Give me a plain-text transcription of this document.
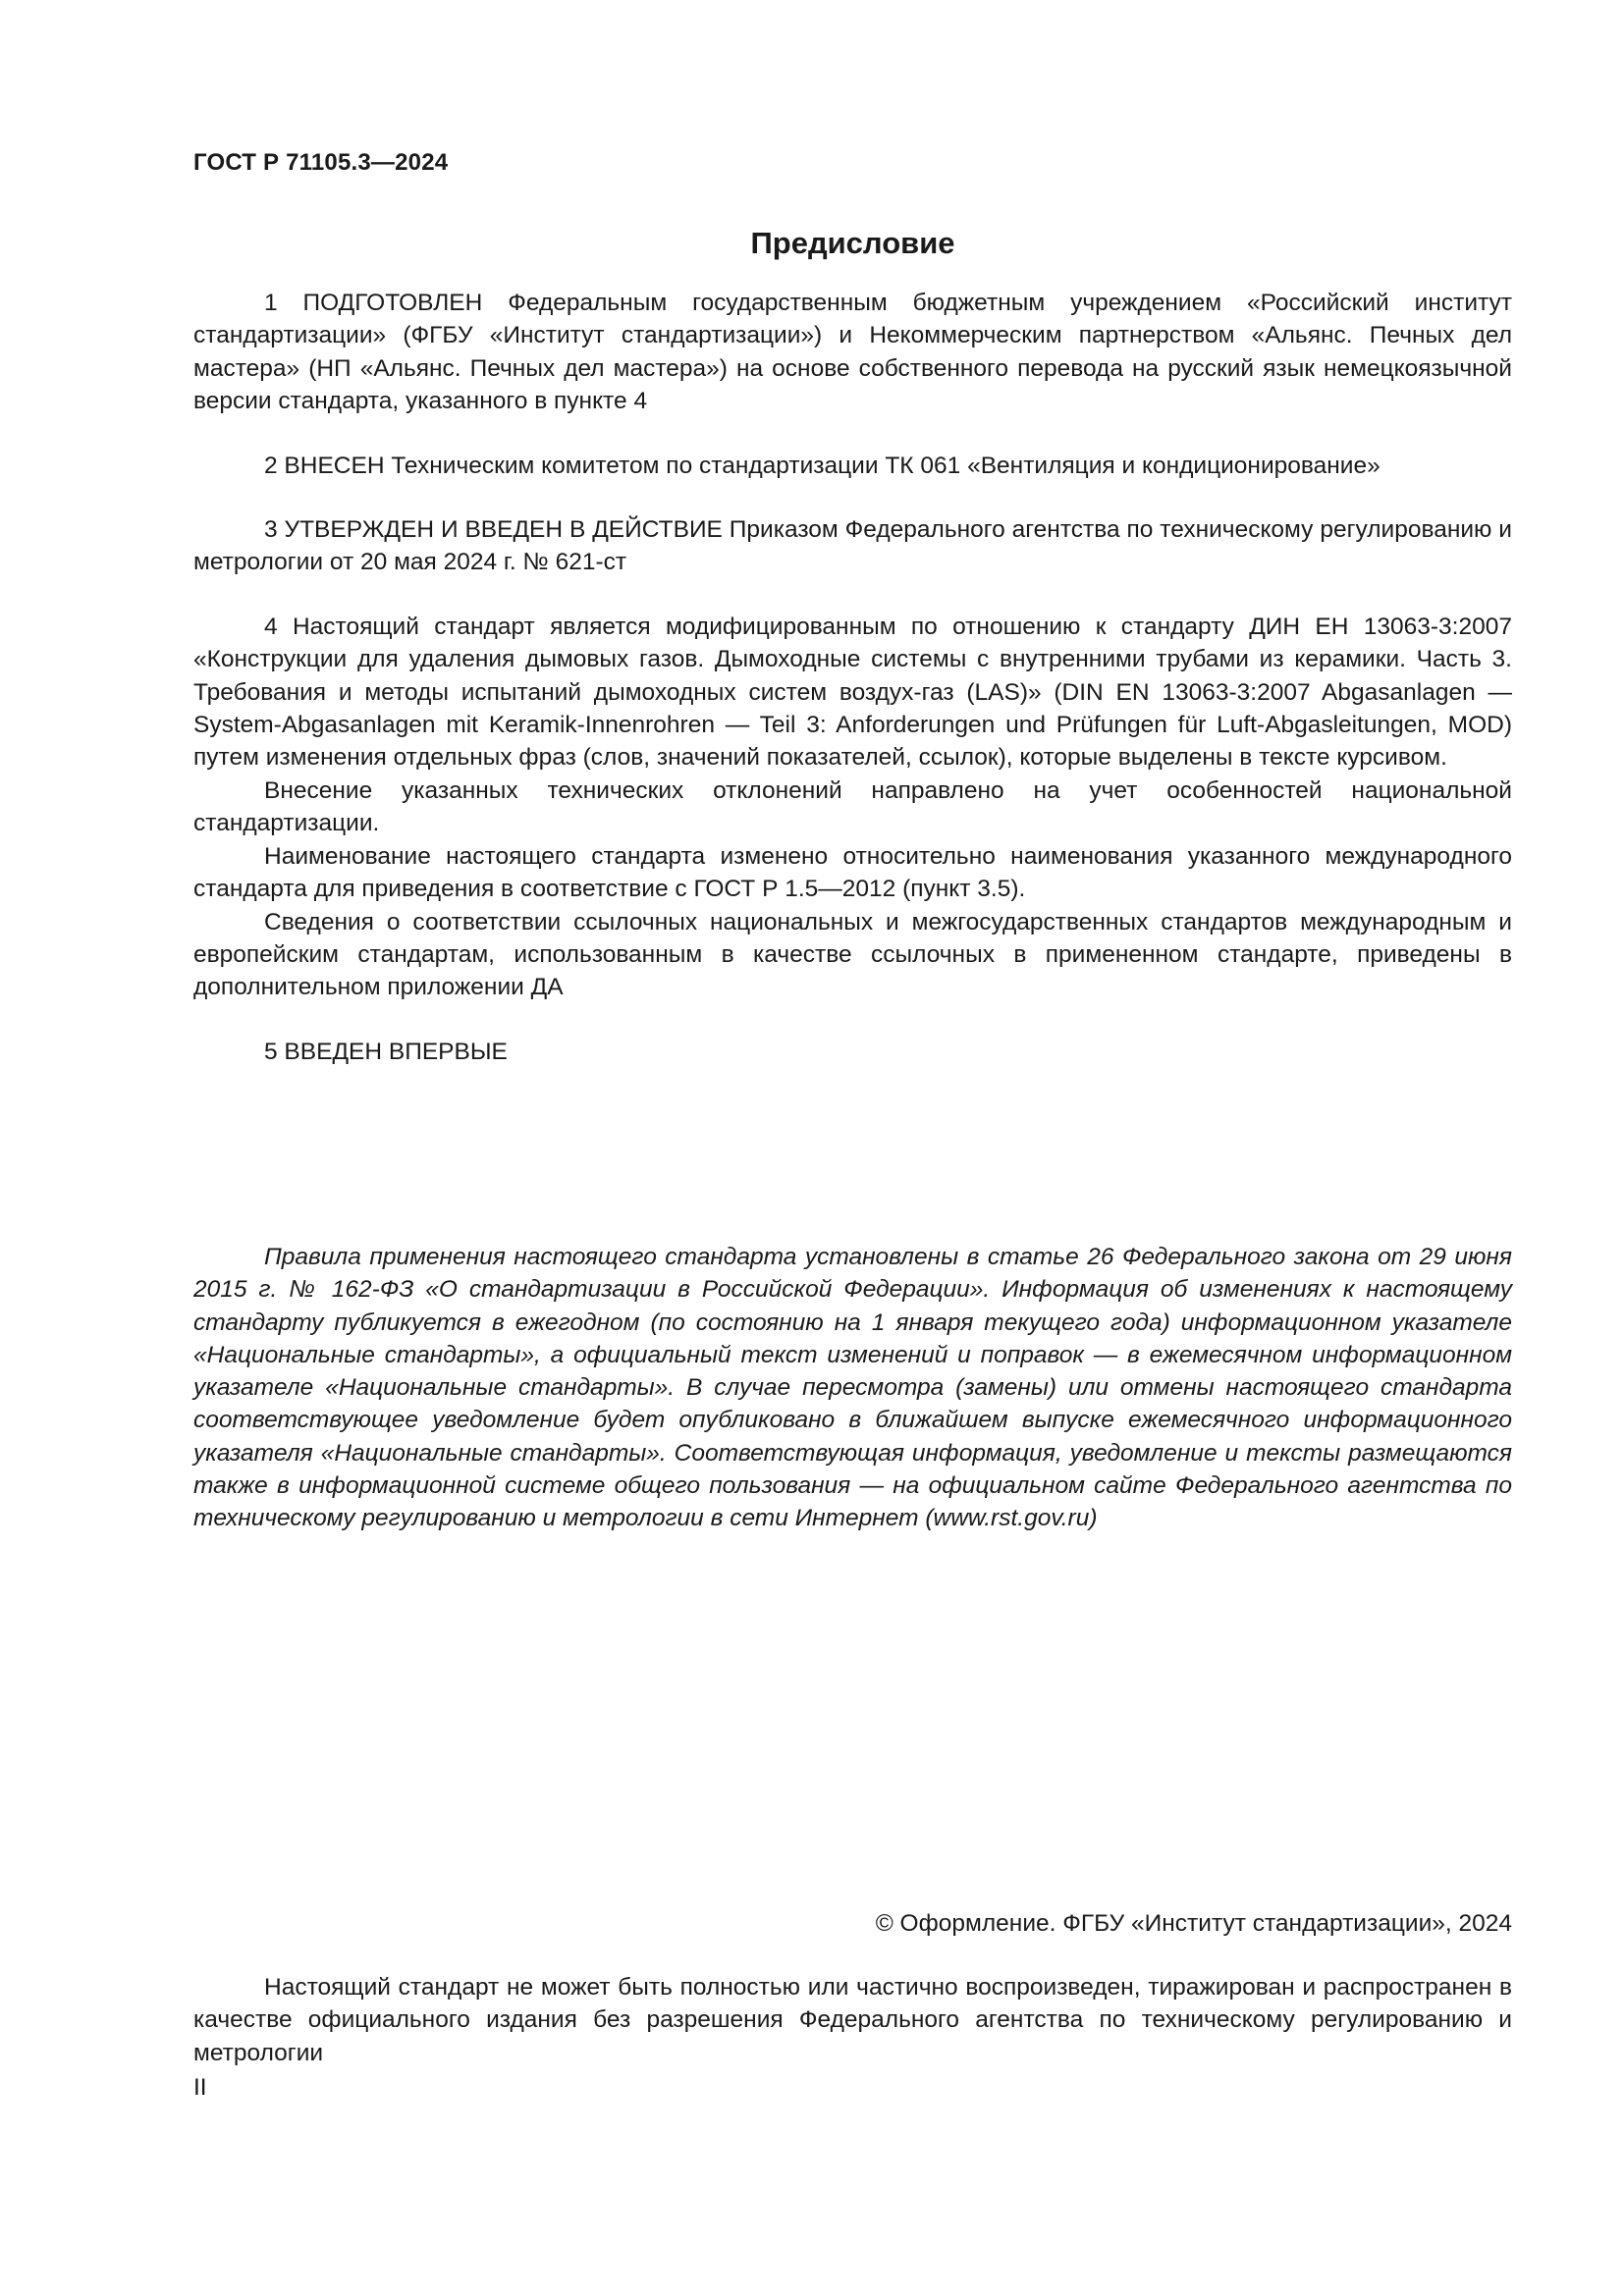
ГОСТ Р 71105.3—2024
Предисловие

1 ПОДГОТОВЛЕН Федеральным государственным бюджетным учреждением «Российский институт стандартизации» (ФГБУ «Институт стандартизации») и Некоммерческим партнерством «Альянс. Печных дел мастера» (НП «Альянс. Печных дел мастера») на основе собственного перевода на русский язык немецкоязычной версии стандарта, указанного в пункте 4

2 ВНЕСЕН Техническим комитетом по стандартизации ТК 061 «Вентиляция и кондиционирование»

3 УТВЕРЖДЕН И ВВЕДЕН В ДЕЙСТВИЕ Приказом Федерального агентства по техническому регулированию и метрологии от 20 мая 2024 г. № 621-ст

4 Настоящий стандарт является модифицированным по отношению к стандарту ДИН ЕН 13063-3:2007 «Конструкции для удаления дымовых газов. Дымоходные системы с внутренними трубами из керамики. Часть 3. Требования и методы испытаний дымоходных систем воздух-газ (LAS)» (DIN EN 13063-3:2007 Abgasanlagen — System-Abgasanlagen mit Keramik-Innenrohren — Teil 3: Anforderungen und Prüfungen für Luft-Abgasleitungen, MOD) путем изменения отдельных фраз (слов, значений показателей, ссылок), которые выделены в тексте курсивом.

Внесение указанных технических отклонений направлено на учет особенностей национальной стандартизации.

Наименование настоящего стандарта изменено относительно наименования указанного международного стандарта для приведения в соответствие с ГОСТ Р 1.5—2012 (пункт 3.5).

Сведения о соответствии ссылочных национальных и межгосударственных стандартов международным и европейским стандартам, использованным в качестве ссылочных в примененном стандарте, приведены в дополнительном приложении ДА

5 ВВЕДЕН ВПЕРВЫЕ

Правила применения настоящего стандарта установлены в статье 26 Федерального закона от 29 июня 2015 г. № 162-ФЗ «О стандартизации в Российской Федерации». Информация об изменениях к настоящему стандарту публикуется в ежегодном (по состоянию на 1 января текущего года) информационном указателе «Национальные стандарты», а официальный текст изменений и поправок — в ежемесячном информационном указателе «Национальные стандарты». В случае пересмотра (замены) или отмены настоящего стандарта соответствующее уведомление будет опубликовано в ближайшем выпуске ежемесячного информационного указателя «Национальные стандарты». Соответствующая информация, уведомление и тексты размещаются также в информационной системе общего пользования — на официальном сайте Федерального агентства по техническому регулированию и метрологии в сети Интернет (www.rst.gov.ru)

© Оформление. ФГБУ «Институт стандартизации», 2024

Настоящий стандарт не может быть полностью или частично воспроизведен, тиражирован и распространен в качестве официального издания без разрешения Федерального агентства по техническому регулированию и метрологии

II
